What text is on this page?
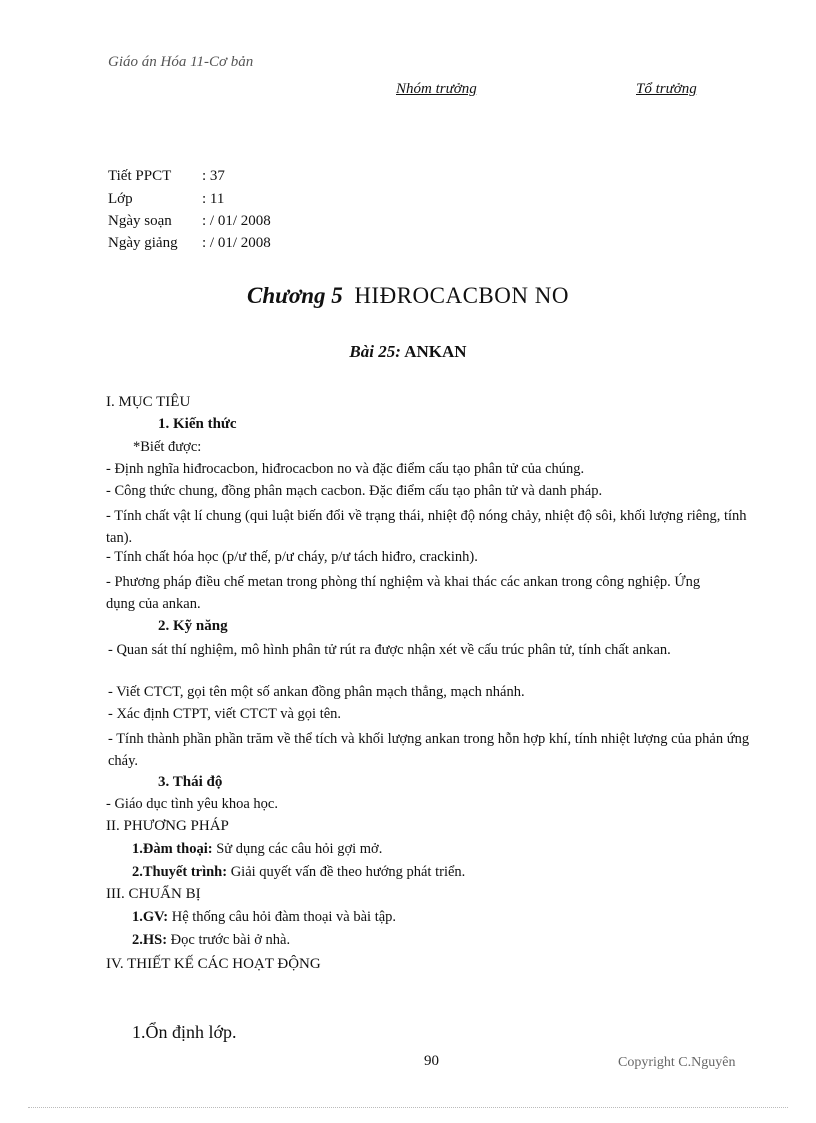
Giáo án Hóa 11-Cơ bản
Nhóm trưởng	Tổ trưởng
Tiết PPCT : 37
Lớp	: 11
Ngày soạn : / 01/ 2008
Ngày giảng : / 01/ 2008
Chương 5 HIĐROCACBON NO
Bài 25: ANKAN
I. MỤC TIÊU
1. Kiến thức
*Biết được:
- Định nghĩa hiđrocacbon, hiđrocacbon no và đặc điểm cấu tạo phân tử của chúng.
- Công thức chung, đồng phân mạch cacbon. Đặc điểm cấu tạo phân tử và danh pháp.
- Tính chất vật lí chung (qui luật biến đổi về trạng thái, nhiệt độ nóng chảy, nhiệt độ sôi, khối lượng riêng, tính tan).
- Tính chất hóa học (p/ư thế, p/ư cháy, p/ư tách hiđro, crackinh).
- Phương pháp điều chế metan trong phòng thí nghiệm và khai thác các ankan trong công nghiệp. Ứng dụng của ankan.
2. Kỹ năng
- Quan sát thí nghiệm, mô hình phân tử rút ra được nhận xét về cấu trúc phân tử, tính chất ankan.
- Viết CTCT, gọi tên một số ankan đồng phân mạch thẳng, mạch nhánh.
- Xác định CTPT, viết CTCT và gọi tên.
- Tính thành phần phần trăm về thể tích và khối lượng ankan trong hỗn hợp khí, tính nhiệt lượng của phản ứng cháy.
3. Thái độ
- Giáo dục tình yêu khoa học.
II. PHƯƠNG PHÁP
1.Đàm thoại: Sử dụng các câu hỏi gợi mở.
2.Thuyết trình: Giải quyết vấn đề theo hướng phát triển.
III. CHUẨN BỊ
1.GV: Hệ thống câu hỏi đàm thoại và bài tập.
2.HS: Đọc trước bài ở nhà.
IV. THIẾT KẾ CÁC HOẠT ĐỘNG
1.Ổn định lớp.
90	Copyright C.Nguyên
